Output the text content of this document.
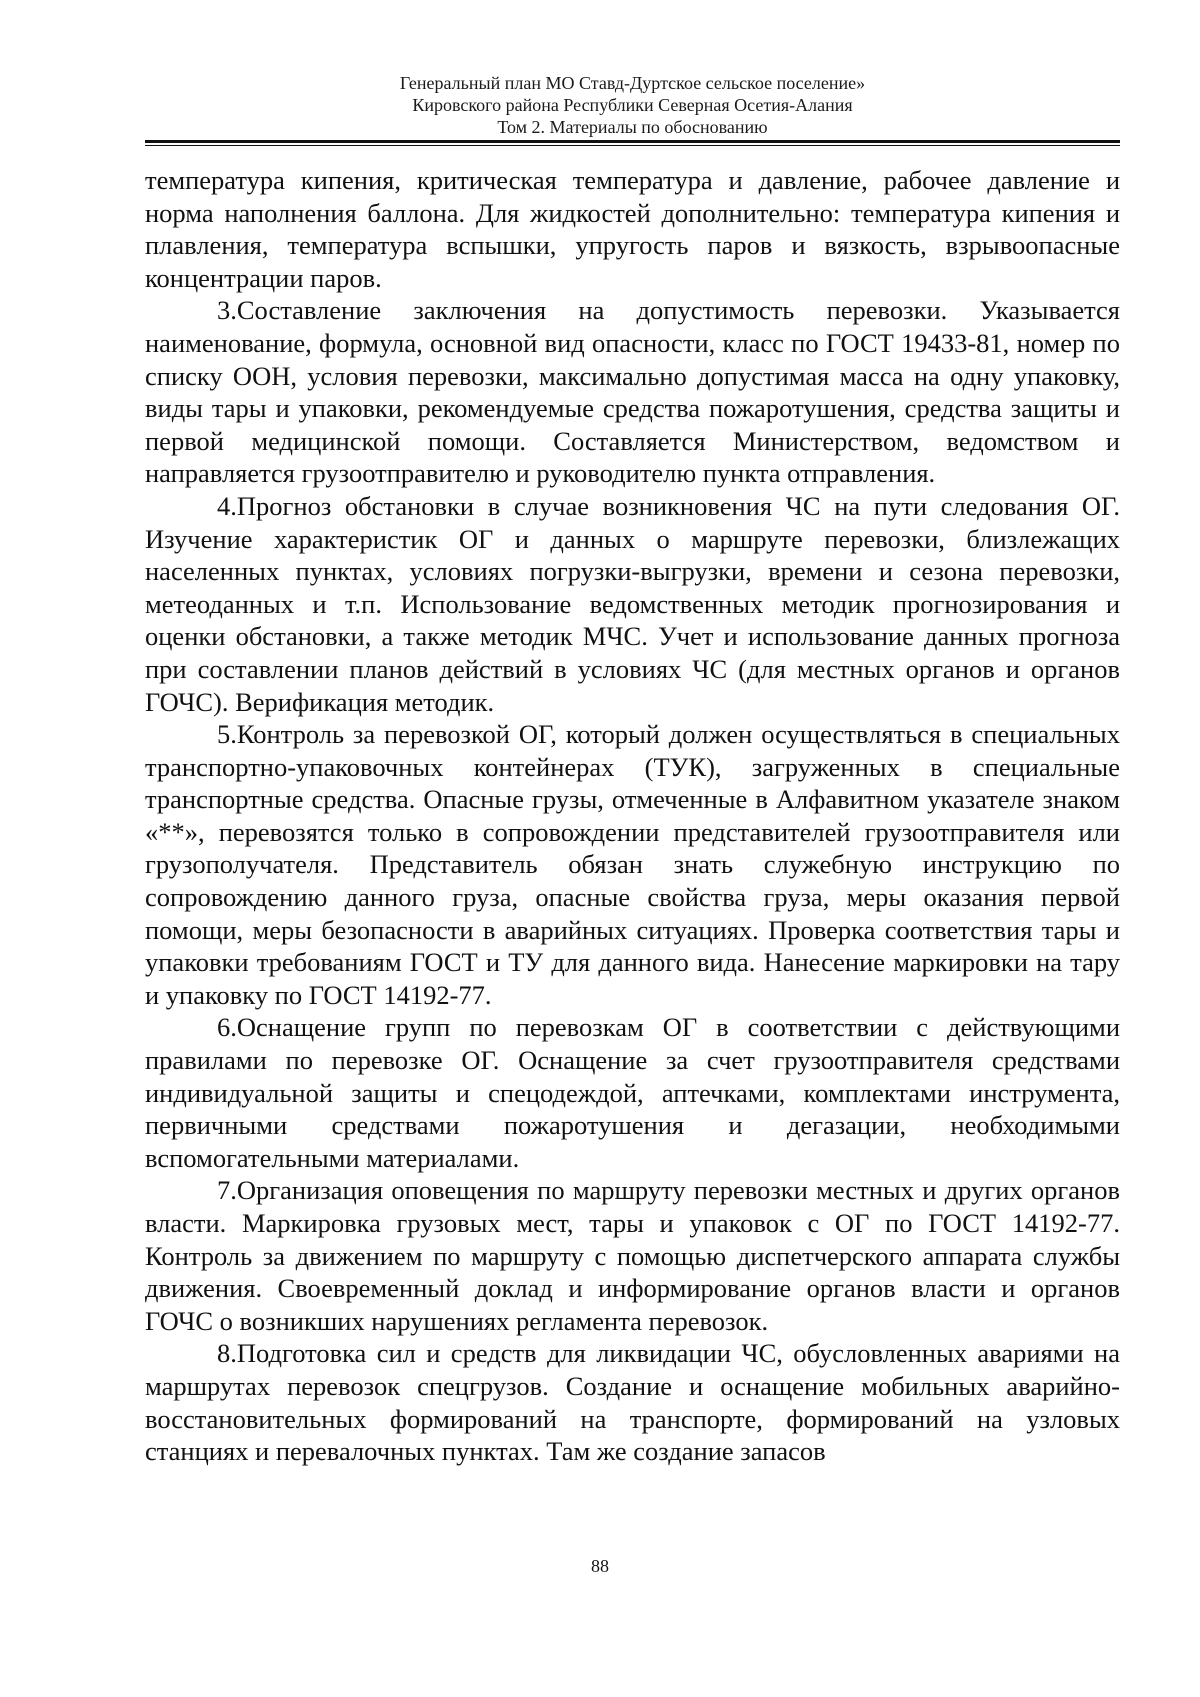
Генеральный план МО Ставд-Дуртское сельское поселение»
Кировского района Республики Северная Осетия-Алания
Том 2. Материалы по обоснованию

температура кипения, критическая температура и давление, рабочее давление и норма наполнения баллона. Для жидкостей дополнительно: температура кипения и плавления, температура вспышки, упругость паров и вязкость, взрывоопасные концентрации паров.

3.Составление заключения на допустимость перевозки. Указывается наименование, формула, основной вид опасности, класс по ГОСТ 19433-81, номер по списку ООН, условия перевозки, максимально допустимая масса на одну упаковку, виды тары и упаковки, рекомендуемые средства пожаротушения, средства защиты и первой медицинской помощи. Составляется Министерством, ведомством и направляется грузоотправителю и руководителю пункта отправления.

4.Прогноз обстановки в случае возникновения ЧС на пути следования ОГ. Изучение характеристик ОГ и данных о маршруте перевозки, близлежащих населенных пунктах, условиях погрузки-выгрузки, времени и сезона перевозки, метеоданных и т.п. Использование ведомственных методик прогнозирования и оценки обстановки, а также методик МЧС. Учет и использование данных прогноза при составлении планов действий в условиях ЧС (для местных органов и органов ГОЧС). Верификация методик.

5.Контроль за перевозкой ОГ, который должен осуществляться в специальных транспортно-упаковочных контейнерах (ТУК), загруженных в специальные транспортные средства. Опасные грузы, отмеченные в Алфавитном указателе знаком «**», перевозятся только в сопровождении представителей грузоотправителя или грузополучателя. Представитель обязан знать служебную инструкцию по сопровождению данного груза, опасные свойства груза, меры оказания первой помощи, меры безопасности в аварийных ситуациях. Проверка соответствия тары и упаковки требованиям ГОСТ и ТУ для данного вида. Нанесение маркировки на тару и упаковку по ГОСТ 14192-77.

6.Оснащение групп по перевозкам ОГ в соответствии с действующими правилами по перевозке ОГ. Оснащение за счет грузоотправителя средствами индивидуальной защиты и спецодеждой, аптечками, комплектами инструмента, первичными средствами пожаротушения и дегазации, необходимыми вспомогательными материалами.

7.Организация оповещения по маршруту перевозки местных и других органов власти. Маркировка грузовых мест, тары и упаковок с ОГ по ГОСТ 14192-77. Контроль за движением по маршруту с помощью диспетчерского аппарата службы движения. Своевременный доклад и информирование органов власти и органов ГОЧС о возникших нарушениях регламента перевозок.

8.Подготовка сил и средств для ликвидации ЧС, обусловленных авариями на маршрутах перевозок спецгрузов. Создание и оснащение мобильных аварийно-восстановительных формирований на транспорте, формирований на узловых станциях и перевалочных пунктах. Там же создание запасов

88
